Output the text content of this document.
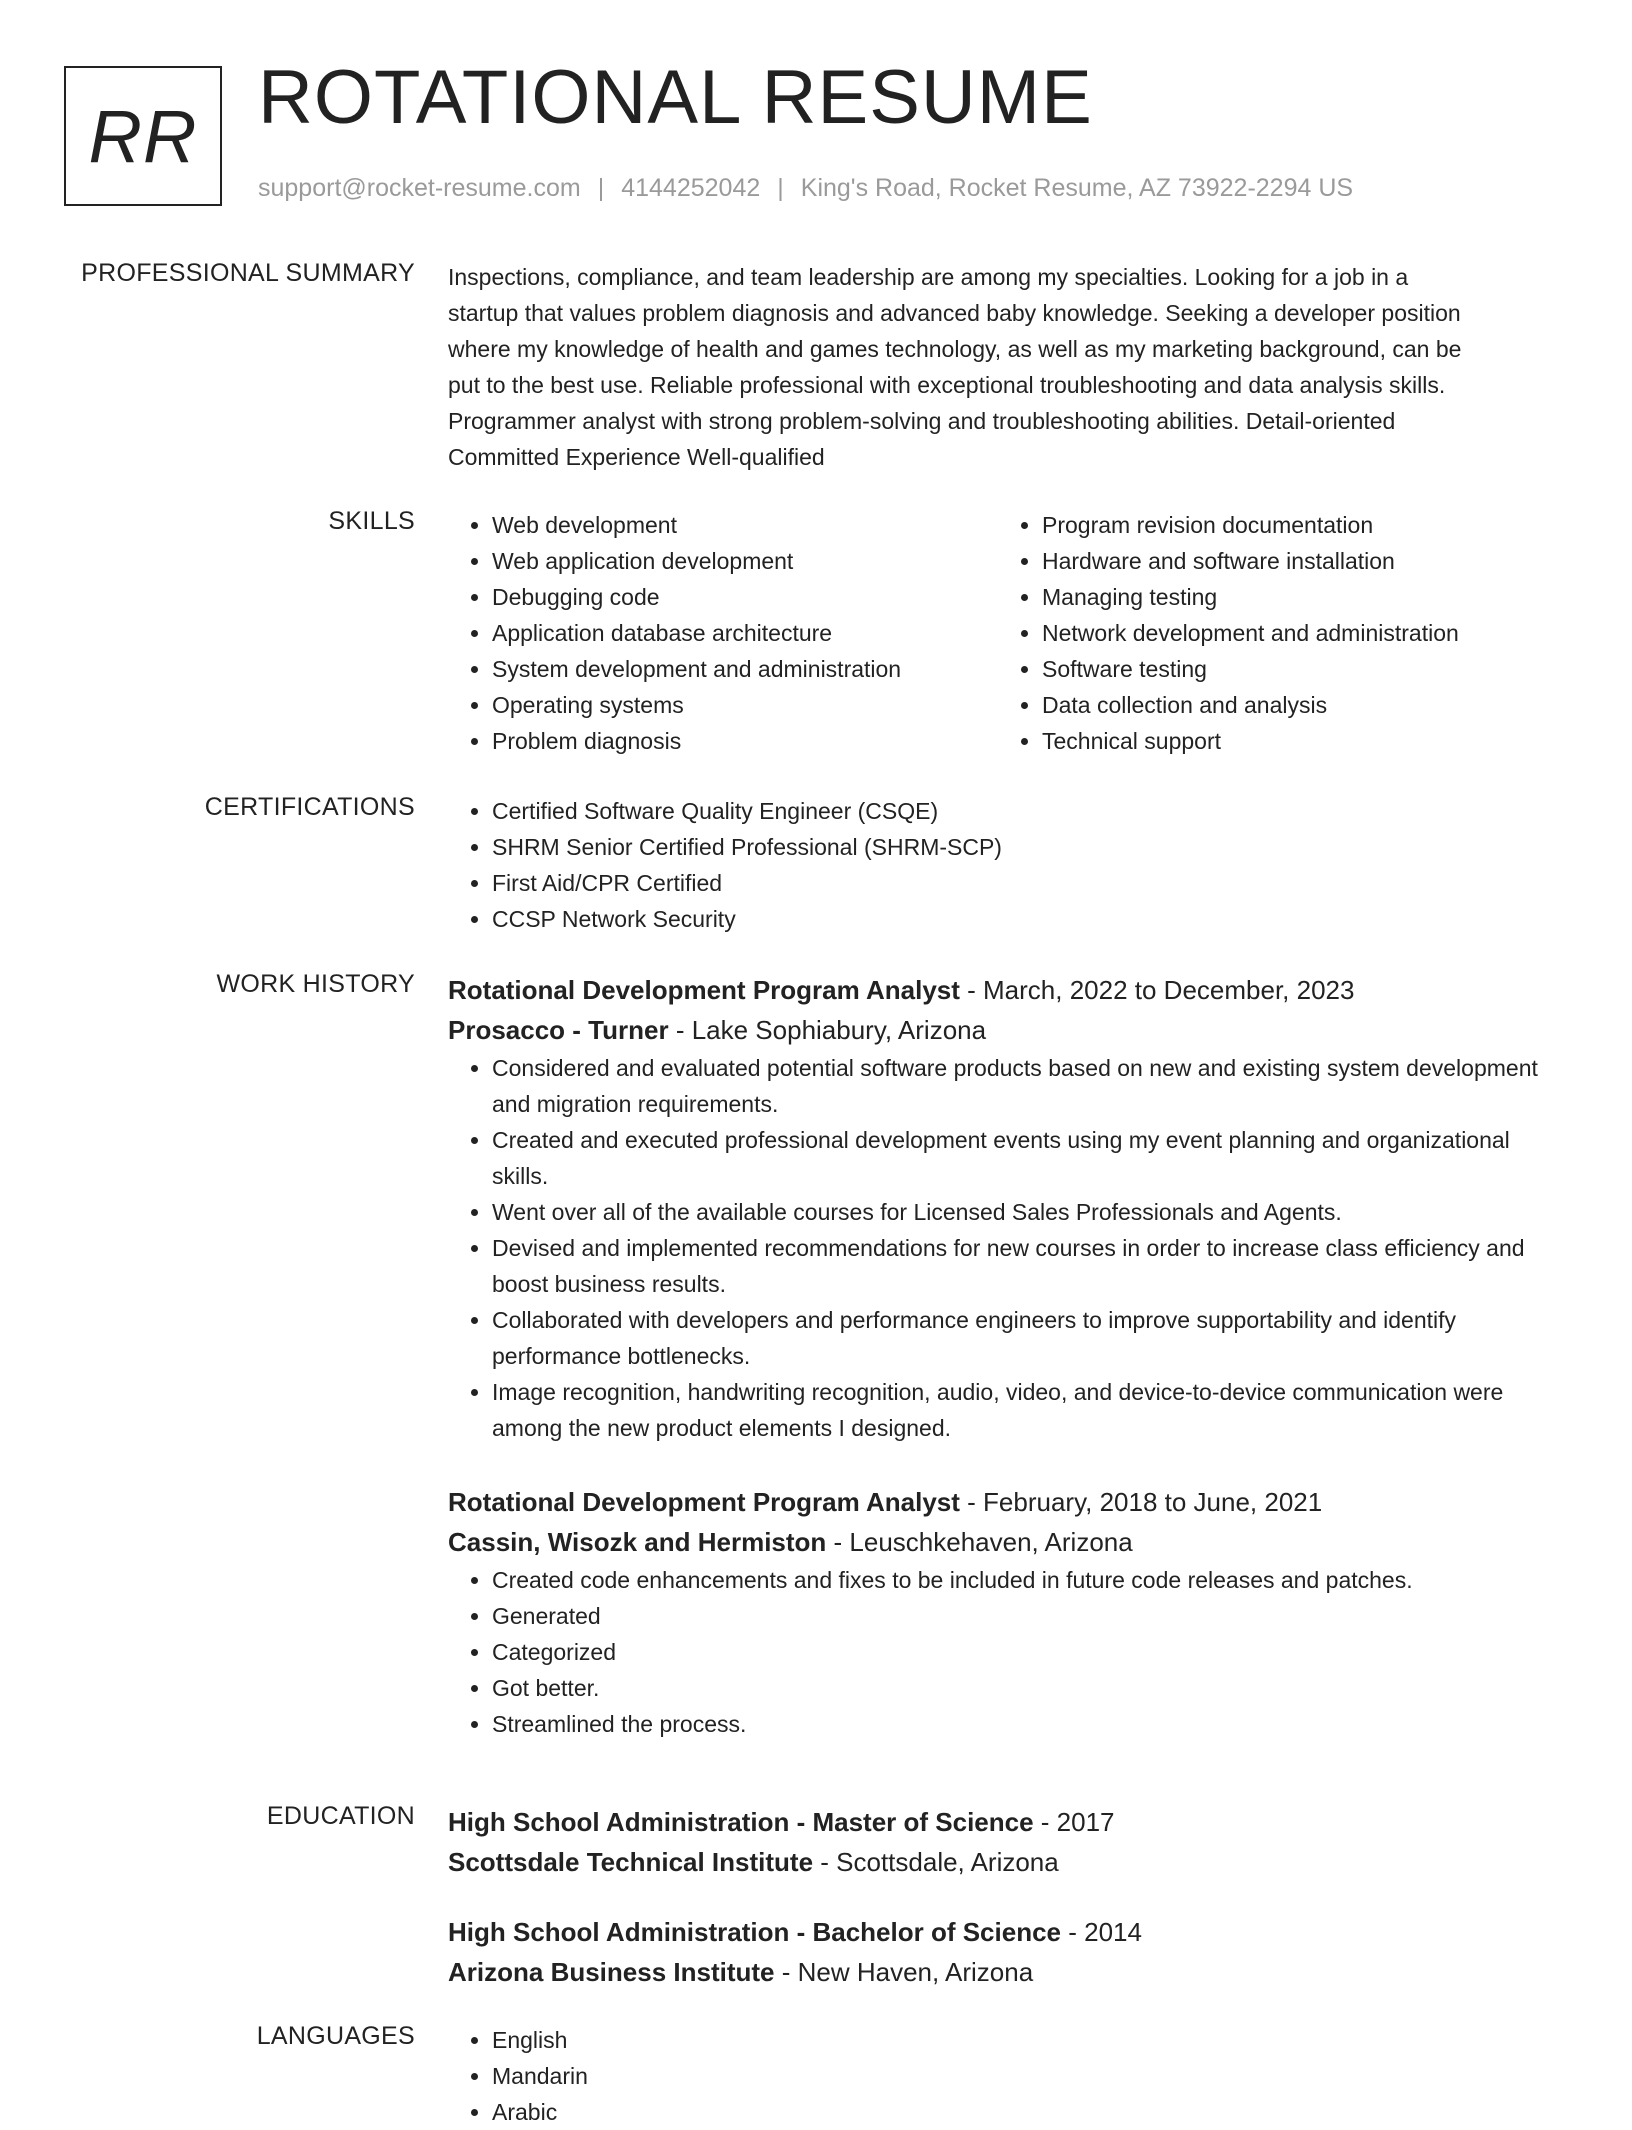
RR ROTATIONAL RESUME
support@rocket-resume.com | 4144252042 | King's Road, Rocket Resume, AZ 73922-2294 US
PROFESSIONAL SUMMARY Inspections, compliance, and team leadership are among my specialties. Looking for a job in a
startup that values problem diagnosis and advanced baby knowledge. Seeking a developer position
where my knowledge of health and games technology, as well as my marketing background, can be
put to the best use. Reliable professional with exceptional troubleshooting and data analysis skills.
Programmer analyst with strong problem-solving and troubleshooting abilities. Detail-oriented
Committed Experience Well-qualified
SKILLS	• Web development
• Web application development
• Debugging code
• Application database architecture
• System development and administration
• Operating systems
• Problem diagnosis
• Program revision documentation
• Hardware and software installation
• Managing testing
• Network development and administration
• Software testing
• Data collection and analysis
• Technical support
CERTIFICATIONS	• Certified Software Quality Engineer (CSQE)
• SHRM Senior Certified Professional (SHRM-SCP)
• First Aid/CPR Certified
• CCSP Network Security
WORK HISTORY Rotational Development Program Analyst - March, 2022 to December, 2023
Prosacco - Turner - Lake Sophiabury, Arizona
• Considered and evaluated potential software products based on new and existing system development and migration requirements.
• Created and executed professional development events using my event planning and organizational skills.
• Went over all of the available courses for Licensed Sales Professionals and Agents.
• Devised and implemented recommendations for new courses in order to increase class efficiency and boost business results.
• Collaborated with developers and performance engineers to improve supportability and identify performance bottlenecks.
• Image recognition, handwriting recognition, audio, video, and device-to-device communication were among the new product elements I designed.
Rotational Development Program Analyst - February, 2018 to June, 2021
Cassin, Wisozk and Hermiston - Leuschkehaven, Arizona
• Created code enhancements and fixes to be included in future code releases and patches.
• Generated
• Categorized
• Got better.
• Streamlined the process.
EDUCATION High School Administration - Master of Science - 2017
Scottsdale Technical Institute - Scottsdale, Arizona
High School Administration - Bachelor of Science - 2014
Arizona Business Institute - New Haven, Arizona
LANGUAGES	• English
• Mandarin
• Arabic
